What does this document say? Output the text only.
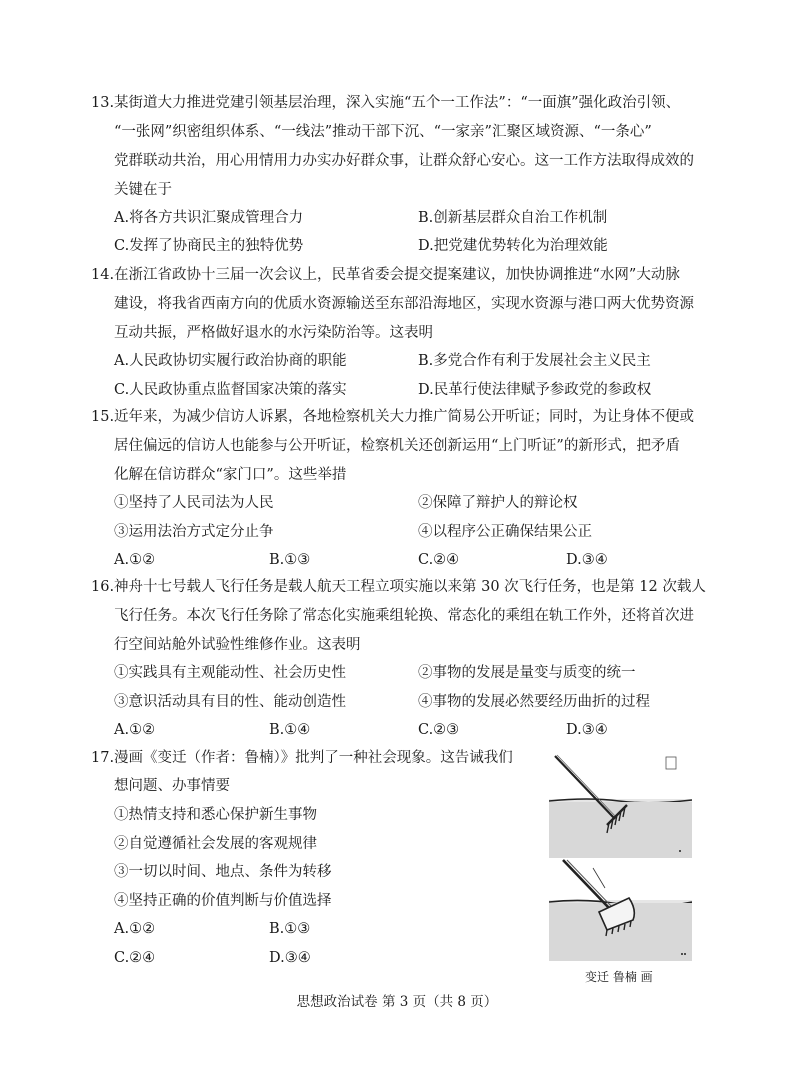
13. 某街道大力推进党建引领基层治理，深入实施“五个一工作法”：“一面旗”强化政治引领、
“一张网”织密组织体系、“一线法”推动干部下沉、“一家亲”汇聚区域资源、“一条心”
党群联动共治，用心用情用力办实办好群众事，让群众舒心安心。这一工作方法取得成效的
关键在于
A.将各方共识汇聚成管理合力	B.创新基层群众自治工作机制
C.发挥了协商民主的独特优势	D.把党建优势转化为治理效能
14. 在浙江省政协十三届一次会议上，民革省委会提交提案建议，加快协调推进“水网”大动脉
建设，将我省西南方向的优质水资源输送至东部沿海地区，实现水资源与港口两大优势资源
互动共振，严格做好退水的水污染防治等。这表明
A.人民政协切实履行政治协商的职能	B.多党合作有利于发展社会主义民主
C.人民政协重点监督国家决策的落实	D.民革行使法律赋予参政党的参政权
15. 近年来，为减少信访人诉累，各地检察机关大力推广简易公开听证；同时，为让身体不便或
居住偏远的信访人也能参与公开听证，检察机关还创新运用“上门听证”的新形式，把矛盾
化解在信访群众“家门口”。这些举措
①坚持了人民司法为人民	②保障了辩护人的辩论权
③运用法治方式定分止争	④以程序公正确保结果公正
A.①②	B.①③	C.②④	D.③④
16. 神舟十七号载人飞行任务是载人航天工程立项实施以来第 30 次飞行任务，也是第 12 次载人
飞行任务。本次飞行任务除了常态化实施乘组轮换、常态化的乘组在轨工作外，还将首次进
行空间站舱外试验性维修作业。这表明
①实践具有主观能动性、社会历史性	②事物的发展是量变与质变的统一
③意识活动具有目的性、能动创造性	④事物的发展必然要经历曲折的过程
A.①②	B.①④	C.②③	D.③④
17. 漫画《变迁（作者：鲁楠）》批判了一种社会现象。这告诫我们
想问题、办事情要
①热情支持和悉心保护新生事物
②自觉遵循社会发展的客观规律
③一切以时间、地点、条件为转移
④坚持正确的价值判断与价值选择
A.①②	B.①③
C.②④	D.③④
变迁 鲁楠 画
思想政治试卷 第 3 页（共 8 页）
